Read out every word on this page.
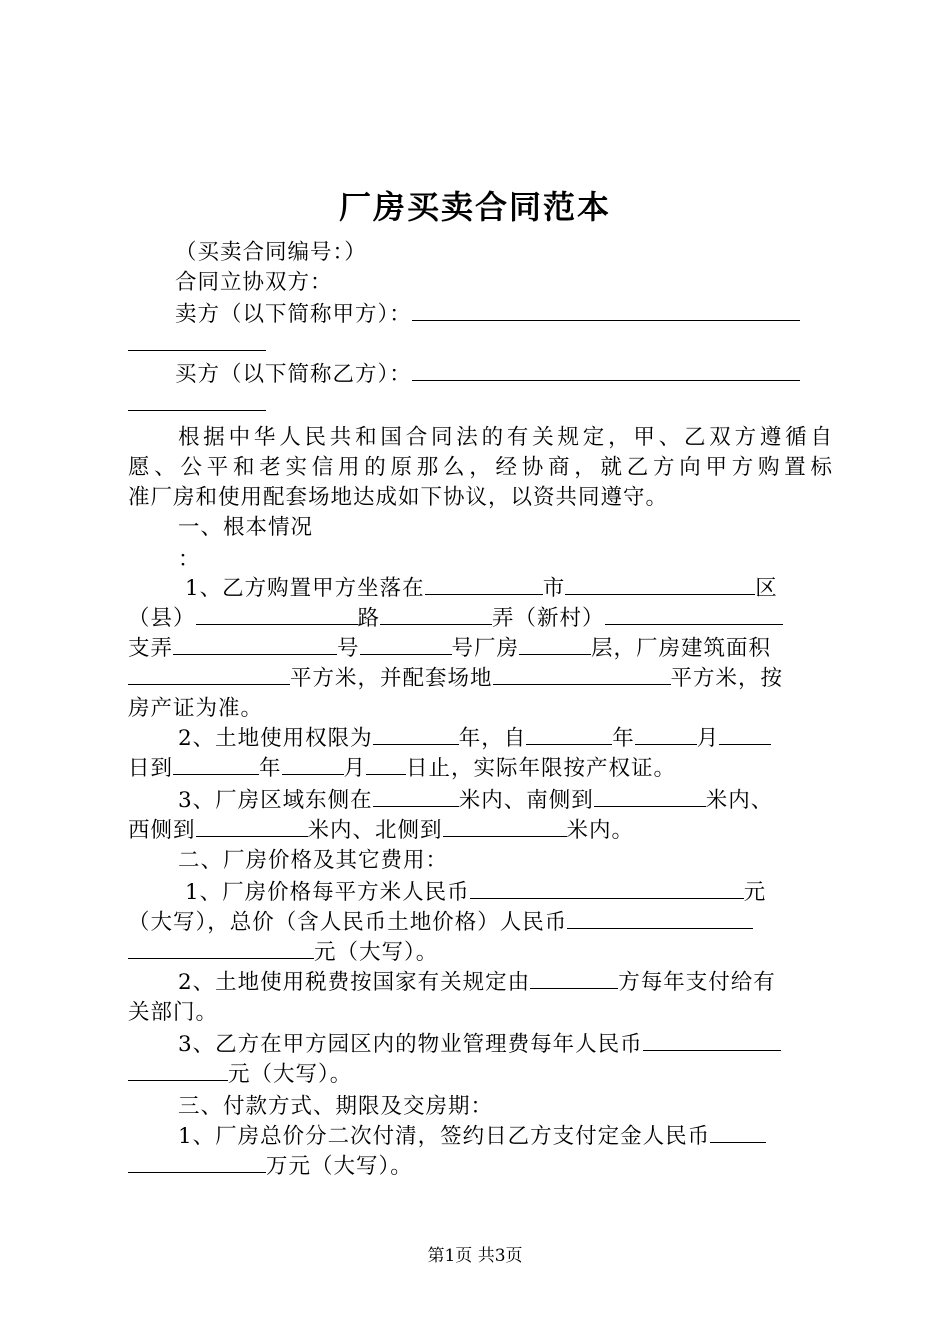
厂房买卖合同范本
（买卖合同编号：）
合同立协双方：
卖方（以下简称甲方）：
买方（以下简称乙方）：
根据中华人民共和国合同法的有关规定，甲、乙双方遵循自
愿、公平和老实信用的原那么，经协商，就乙方向甲方购置标
准厂房和使用配套场地达成如下协议，以资共同遵守。
一、根本情况
：
1、乙方购置甲方坐落在	市	区
（县）	路	弄（新村）
支弄	号	号厂房	层，厂房建筑面积
平方米，并配套场地	平方米，按
房产证为准。
2、土地使用权限为	年，自	年	月
日到	年	月 日止，实际年限按产权证。
3、厂房区域东侧在	米内、南侧到	米内、
西侧到	米内、北侧到	米内。
二、厂房价格及其它费用：
1、厂房价格每平方米人民币	元
（大写），总价（含人民币土地价格）人民币
元（大写）。
2、土地使用税费按国家有关规定由	方每年支付给有
关部门。
3、乙方在甲方园区内的物业管理费每年人民币
元（大写）。
三、付款方式、期限及交房期：
1、厂房总价分二次付清，签约日乙方支付定金人民币
万元（大写）。
第1页 共3页
